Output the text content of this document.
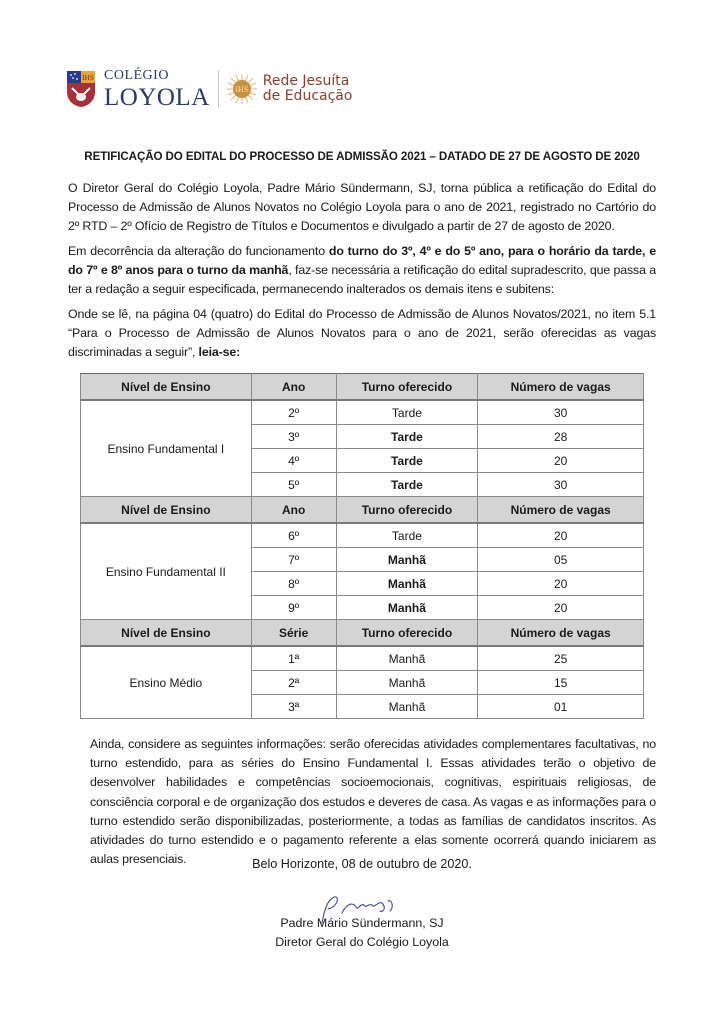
IHS COLÉGIO
LOYOLA	IHS
Rede Jesuíta
de Educação
RETIFICAÇÃO DO EDITAL DO PROCESSO DE ADMISSÃO 2021 – DATADO DE 27 DE AGOSTO DE 2020
O Diretor Geral do Colégio Loyola, Padre Mário Sündermann, SJ, torna pública a retificação do Edital do Processo de Admissão de Alunos Novatos no Colégio Loyola para o ano de 2021, registrado no Cartório do 2º RTD – 2º Ofício de Registro de Títulos e Documentos e divulgado a partir de 27 de agosto de 2020.
Em decorrência da alteração do funcionamento do turno do 3º, 4º e do 5º ano, para o horário da tarde, e do 7º e 8º anos para o turno da manhã, faz-se necessária a retificação do edital supradescrito, que passa a ter a redação a seguir especificada, permanecendo inalterados os demais itens e subitens:
Onde se lê, na página 04 (quatro) do Edital do Processo de Admissão de Alunos Novatos/2021, no item 5.1 “Para o Processo de Admissão de Alunos Novatos para o ano de 2021, serão oferecidas as vagas discriminadas a seguir”, leia-se:
Nível de Ensino	Ano	Turno oferecido	Número de vagas
Ensino Fundamental I	2º	Tarde	30
	3º	Tarde	28
	4º	Tarde	20
	5º	Tarde	30
Nível de Ensino	Ano	Turno oferecido	Número de vagas
Ensino Fundamental II	6º	Tarde	20
	7º	Manhã	05
	8º	Manhã	20
	9º	Manhã	20
Nível de Ensino	Série	Turno oferecido	Número de vagas
Ensino Médio	1ª	Manhã	25
	2ª	Manhã	15
	3ª	Manhã	01
Ainda, considere as seguintes informações: serão oferecidas atividades complementares facultativas, no turno estendido, para as séries do Ensino Fundamental I. Essas atividades terão o objetivo de desenvolver habilidades e competências socioemocionais, cognitivas, espirituais religiosas, de consciência corporal e de organização dos estudos e deveres de casa. As vagas e as informações para o turno estendido serão disponibilizadas, posteriormente, a todas as famílias de candidatos inscritos. As atividades do turno estendido e o pagamento referente a elas somente ocorrerá quando iniciarem as aulas presenciais.	Belo Horizonte, 08 de outubro de 2020.
Padre Mário Sündermann, SJ
Diretor Geral do Colégio Loyola
